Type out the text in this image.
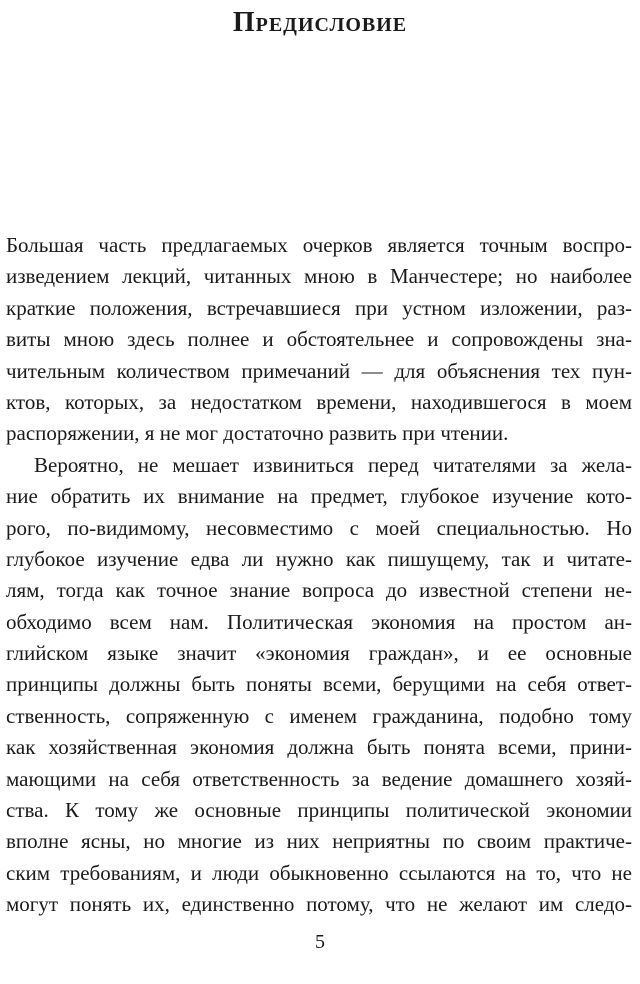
Предисловие
Большая часть предлагаемых очерков является точным воспро-
изведением лекций, читанных мною в Манчестере; но наиболее
краткие положения, встречавшиеся при устном изложении, раз-
виты мною здесь полнее и обстоятельнее и сопровождены зна-
чительным количеством примечаний — для объяснения тех пун-
ктов, которых, за недостатком времени, находившегося в моем
распоряжении, я не мог достаточно развить при чтении.
Вероятно, не мешает извиниться перед читателями за жела-
ние обратить их внимание на предмет, глубокое изучение кото-
рого, по-видимому, несовместимо с моей специальностью. Но
глубокое изучение едва ли нужно как пишущему, так и читате-
лям, тогда как точное знание вопроса до известной степени не-
обходимо всем нам. Политическая экономия на простом ан-
глийском языке значит «экономия граждан», и ее основные
принципы должны быть поняты всеми, берущими на себя ответ-
ственность, сопряженную с именем гражданина, подобно тому
как хозяйственная экономия должна быть понята всеми, прини-
мающими на себя ответственность за ведение домашнего хозяй-
ства. К тому же основные принципы политической экономии
вполне ясны, но многие из них неприятны по своим практиче-
ским требованиям, и люди обыкновенно ссылаются на то, что не
могут понять их, единственно потому, что не желают им следо-
5
